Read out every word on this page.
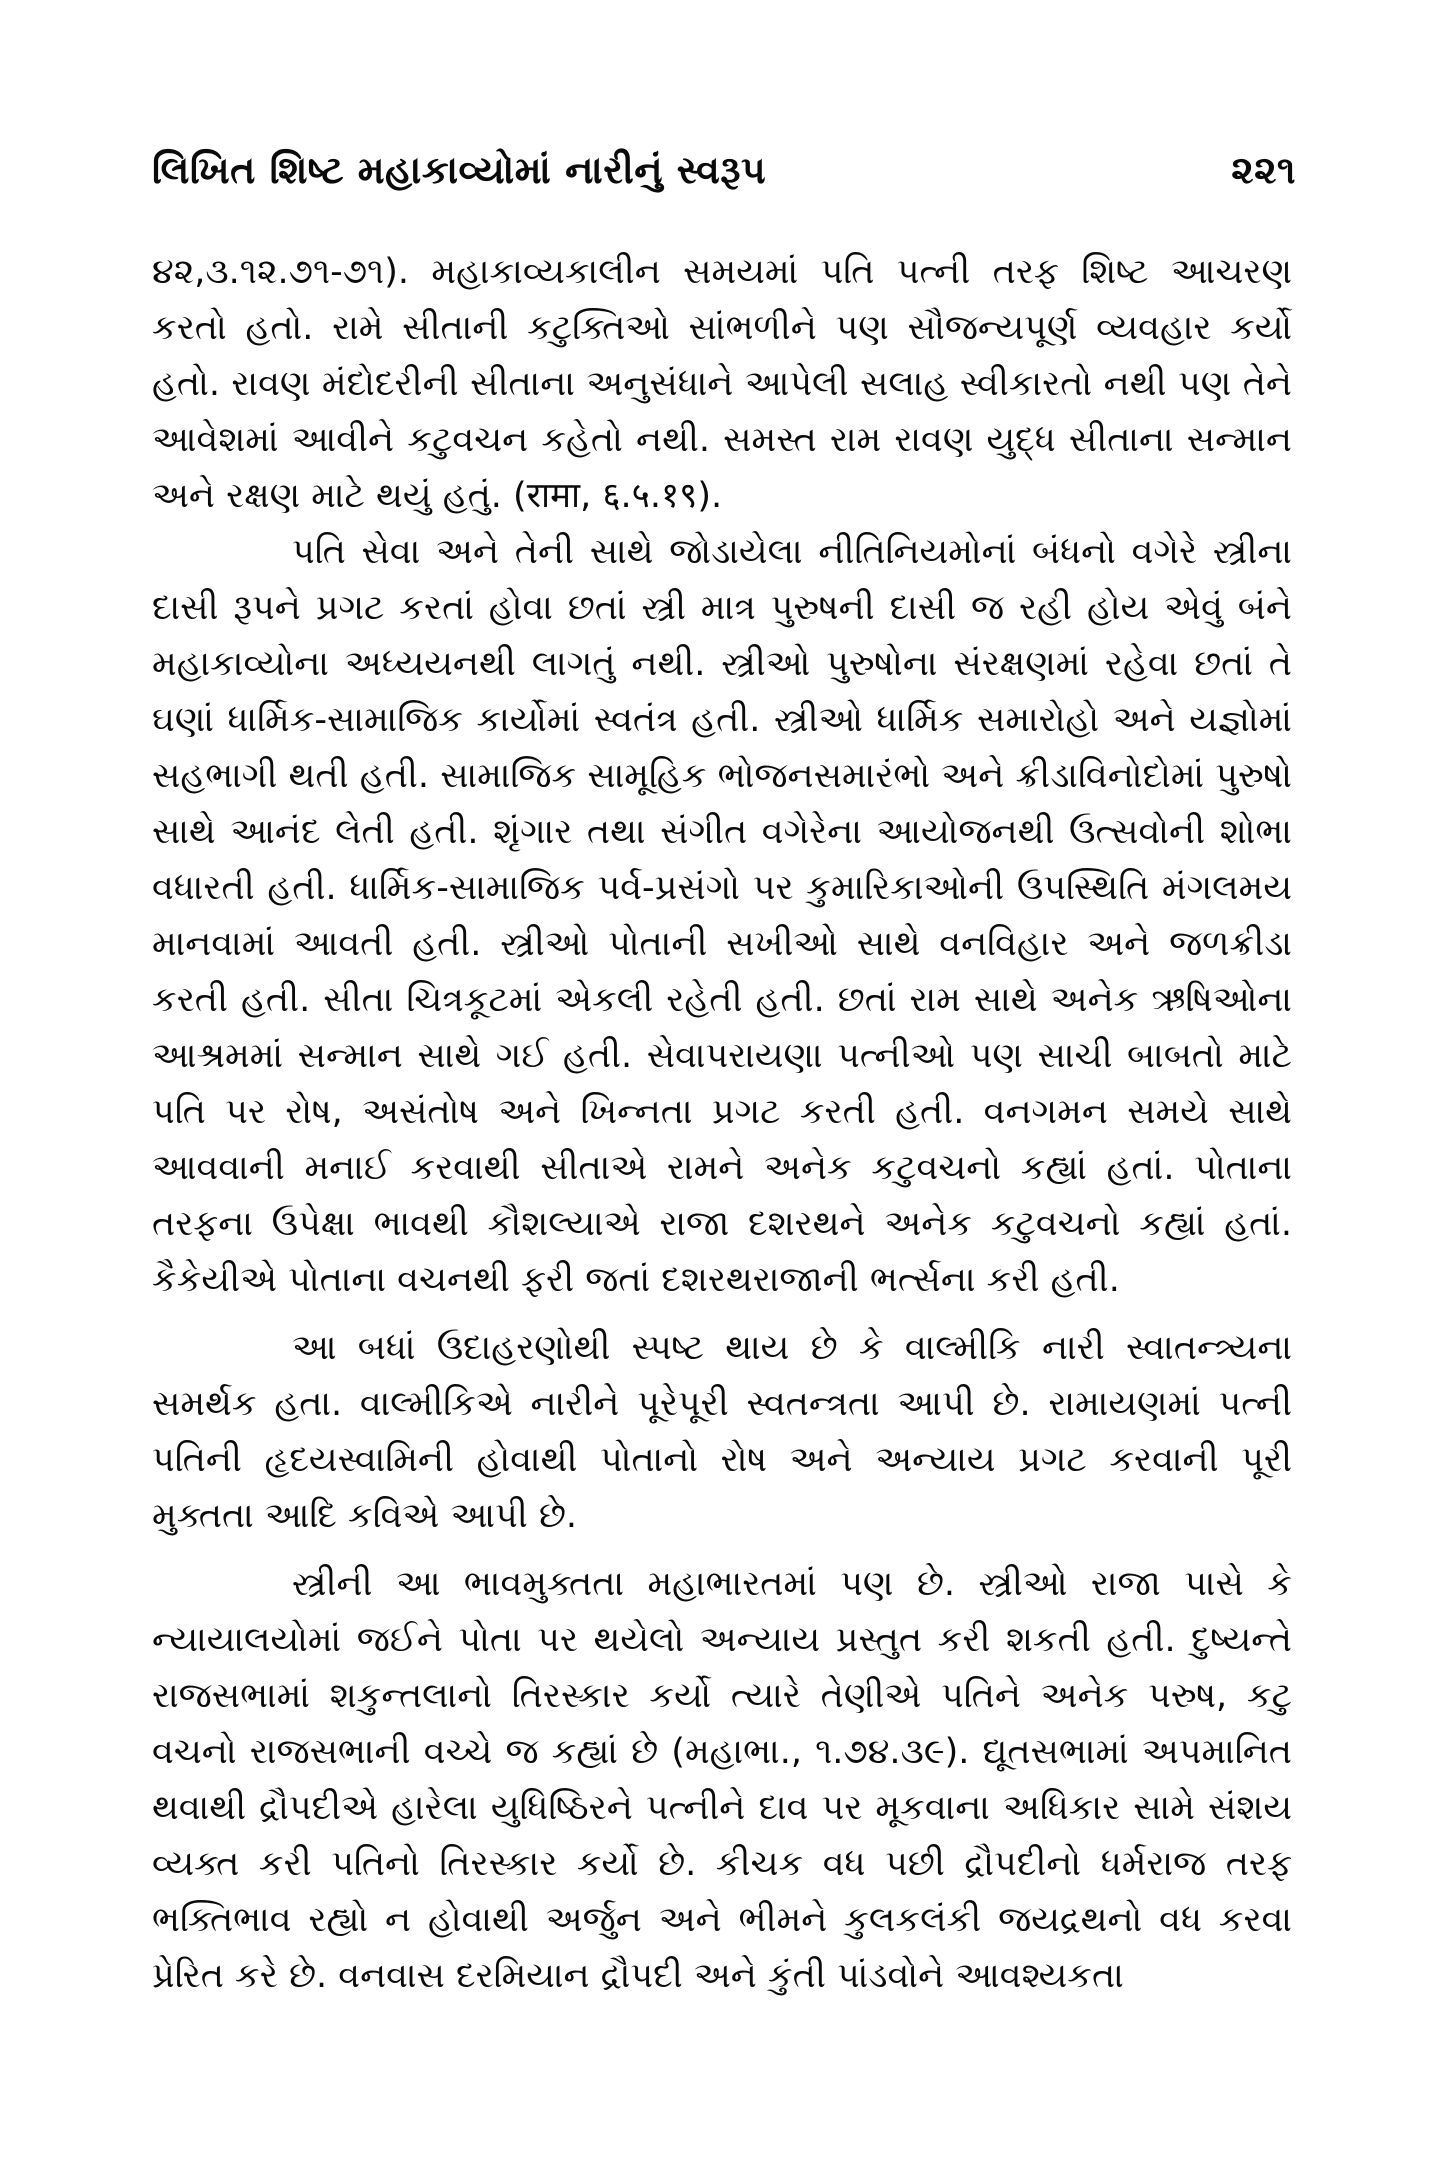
લિખિત શિષ્ટ મહાકાવ્યોમાં નારીનું સ્વરૂપ	૨૨૧

૪૨,૩.૧૨.૭૧-૭૧). મહાકાવ્યકાલીન સમયમાં પતિ પત્ની તરફ શિષ્ટ આચરણ કરતો હતો. રામે સીતાની કટુક્તિઓ સાંભળીને પણ સૌજન્યપૂર્ણ વ્યવહાર કર્યો હતો. રાવણ મંદોદરીની સીતાના અનુસંધાને આપેલી સલાહ સ્વીકારતો નથી પણ તેને આવેશમાં આવીને કટુવચન કહેતો નથી. સમસ્ત રામ રાવણ યુદ્ધ સીતાના સન્માન અને રક્ષણ માટે થયું હતું. (रामा, ६.५.१९).

પતિ સેવા અને તેની સાથે જોડાયેલા નીતિનિયમોનાં બંધનો વગેરે સ્ત્રીના દાસી રૂપને પ્રગટ કરતાં હોવા છતાં સ્ત્રી માત્ર પુરુષની દાસી જ રહી હોય એવું બંને મહાકાવ્યોના અધ્યયનથી લાગતું નથી. સ્ત્રીઓ પુરુષોના સંરક્ષણમાં રહેવા છતાં તે ઘણાં ધાર્મિક-સામાજિક કાર્યોમાં સ્વતંત્ર હતી. સ્ત્રીઓ ધાર્મિક સમારોહો અને યજ્ઞોમાં સહભાગી થતી હતી. સામાજિક સામૂહિક ભોજનસમારંભો અને ક્રીડાવિનોદોમાં પુરુષો સાથે આનંદ લેતી હતી. શૃંગાર તથા સંગીત વગેરેના આયોજનથી ઉત્સવોની શોભા વધારતી હતી. ધાર્મિક-સામાજિક પર્વ-પ્રસંગો પર કુમારિકાઓની ઉપસ્થિતિ મંગલમય માનવામાં આવતી હતી. સ્ત્રીઓ પોતાની સખીઓ સાથે વનવિહાર અને જળક્રીડા કરતી હતી. સીતા ચિત્રકૂટમાં એકલી રહેતી હતી. છતાં રામ સાથે અનેક ઋષિઓના આશ્રમમાં સન્માન સાથે ગઈ હતી. સેવાપરાયણા પત્નીઓ પણ સાચી બાબતો માટે પતિ પર રોષ, અસંતોષ અને ખિન્નતા પ્રગટ કરતી હતી. વનગમન સમયે સાથે આવવાની મનાઈ કરવાથી સીતાએ રામને અનેક કટુવચનો કહ્યાં હતાં. પોતાના તરફના ઉપેક્ષા ભાવથી કૌશલ્યાએ રાજા દશરથને અનેક કટુવચનો કહ્યાં હતાં. કૈકેયીએ પોતાના વચનથી ફરી જતાં દશરથરાજાની ભર્ત્સના કરી હતી.

આ બધાં ઉદાહરણોથી સ્પષ્ટ થાય છે કે વાલ્મીકિ નારી સ્વાતન્ત્ર્યના સમર્થક હતા. વાલ્મીકિએ નારીને પૂરેપૂરી સ્વતન્ત્રતા આપી છે. રામાયણમાં પત્ની પતિની હૃદયસ્વામિની હોવાથી પોતાનો રોષ અને અન્યાય પ્રગટ કરવાની પૂરી મુક્તતા આદિ કવિએ આપી છે.

સ્ત્રીની આ ભાવમુક્તતા મહાભારતમાં પણ છે. સ્ત્રીઓ રાજા પાસે કે ન્યાયાલયોમાં જઈને પોતા પર થયેલો અન્યાય પ્રસ્તુત કરી શકતી હતી. દુષ્યન્તે રાજસભામાં શકુન્તલાનો તિરસ્કાર કર્યો ત્યારે તેણીએ પતિને અનેક પરુષ, કટુ વચનો રાજસભાની વચ્ચે જ કહ્યાં છે (મહાભા., ૧.૭૪.૩૯). દ્યૂતસભામાં અપમાનિત થવાથી દ્રૌપદીએ હારેલા યુધિષ્ઠિરને પત્નીને દાવ પર મૂકવાના અધિકાર સામે સંશય વ્યક્ત કરી પતિનો તિરસ્કાર કર્યો છે. કીચક વધ પછી દ્રૌપદીનો ધર્મરાજ તરફ ભક્તિભાવ રહ્યો ન હોવાથી અર્જુન અને ભીમને કુલકલંકી જયદ્રથનો વધ કરવા પ્રેરિત કરે છે. વનવાસ દરમિયાન દ્રૌપદી અને કુંતી પાંડવોને આવશ્યકતા
